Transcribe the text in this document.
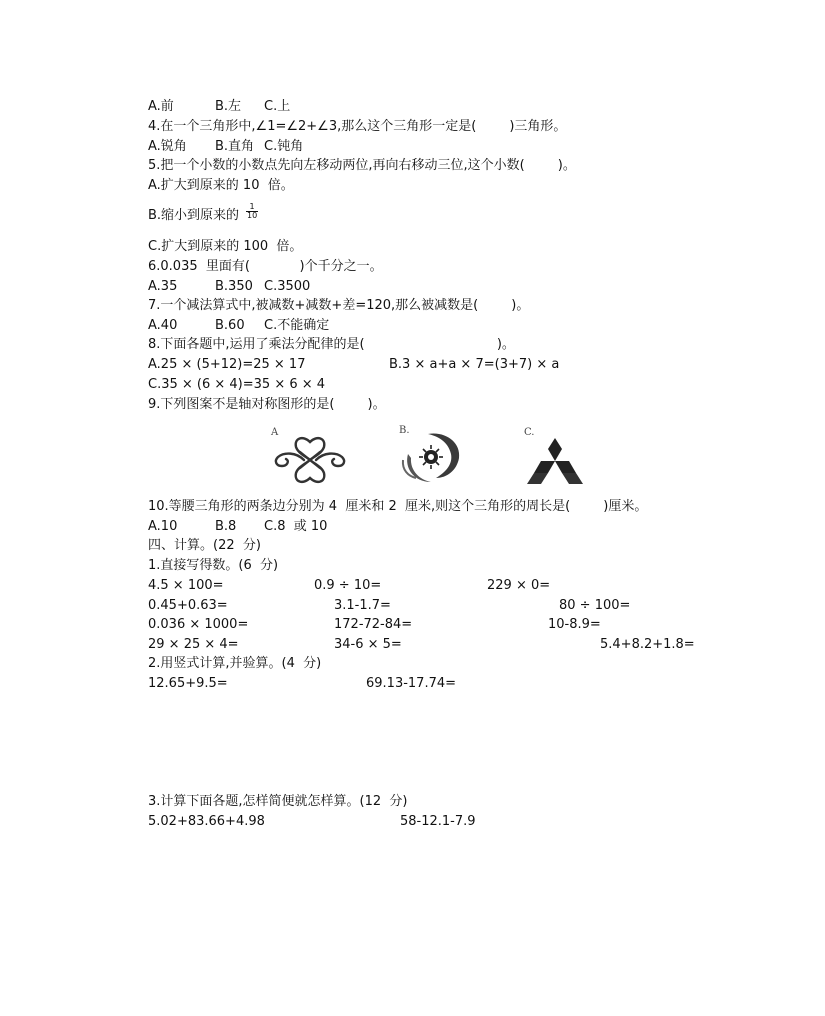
A.前	B.左 C.上
4.在一个三角形中,∠1=∠2+∠3,那么这个三角形一定是(        )三角形。
A.锐角 B.直角 C.钝角
5.把一个小数的小数点先向左移动两位,再向右移动三位,这个小数(        )。
A.扩大到原来的 10  倍。
B.缩小到原来的 $\frac{1}{10}$
C.扩大到原来的 100  倍。
6.0.035  里面有(            )个千分之一。
A.35	B.350 C.3500
7.一个减法算式中,被减数+减数+差=120,那么被减数是(        )。
A.40	B.60 C.不能确定
8.下面各题中,运用了乘法分配律的是(                                )。
A.25 × (5+12)=25 × 17	B.3 × a+a × 7=(3+7) × a
C.35 × (6 × 4)=35 × 6 × 4
9.下列图案不是轴对称图形的是(        )。
A	B.	C.
10.等腰三角形的两条边分别为 4  厘米和 2  厘米,则这个三角形的周长是(        )厘米。
A.10	B.8 C.8  或 10
四、计算。(22  分)
1.直接写得数。(6  分)
4.5 × 100=	0.9 ÷ 10=	229 × 0=
0.45+0.63=	3.1-1.7=	80 ÷ 100=
0.036 × 1000=	172-72-84=	10-8.9=
29 × 25 × 4=	34-6 × 5=	5.4+8.2+1.8=
2.用竖式计算,并验算。(4  分)
12.65+9.5=	69.13-17.74=
3.计算下面各题,怎样简便就怎样算。(12  分)
5.02+83.66+4.98	58-12.1-7.9
